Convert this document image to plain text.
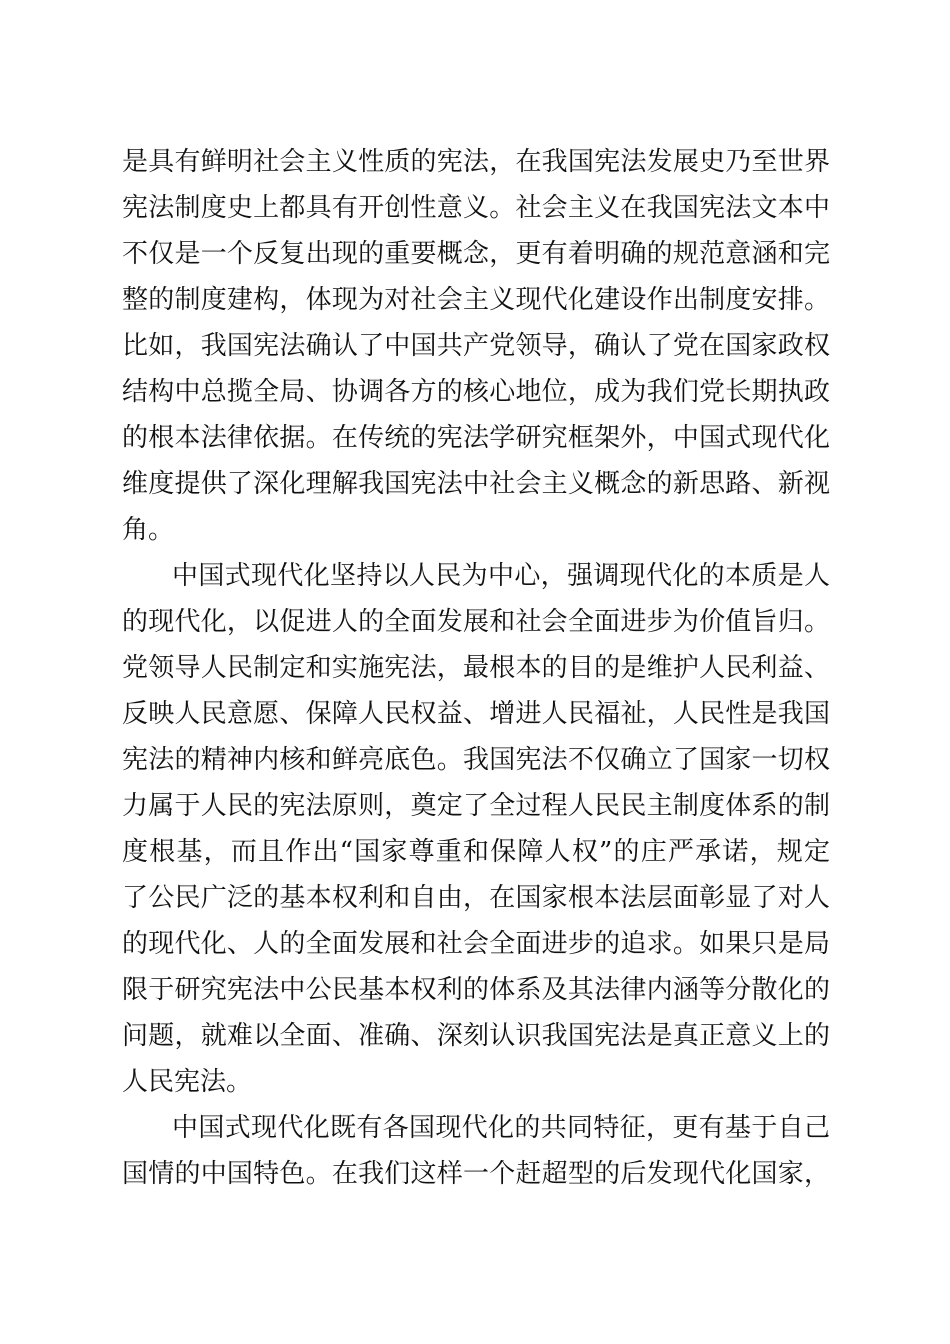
是具有鲜明社会主义性质的宪法，在我国宪法发展史乃至世界
宪法制度史上都具有开创性意义。社会主义在我国宪法文本中
不仅是一个反复出现的重要概念，更有着明确的规范意涵和完
整的制度建构，体现为对社会主义现代化建设作出制度安排。
比如，我国宪法确认了中国共产党领导，确认了党在国家政权
结构中总揽全局、协调各方的核心地位，成为我们党长期执政
的根本法律依据。在传统的宪法学研究框架外，中国式现代化
维度提供了深化理解我国宪法中社会主义概念的新思路、新视
角。
中国式现代化坚持以人民为中心，强调现代化的本质是人
的现代化，以促进人的全面发展和社会全面进步为价值旨归。
党领导人民制定和实施宪法，最根本的目的是维护人民利益、
反映人民意愿、保障人民权益、增进人民福祉，人民性是我国
宪法的精神内核和鲜亮底色。我国宪法不仅确立了国家一切权
力属于人民的宪法原则，奠定了全过程人民民主制度体系的制
度根基，而且作出“国家尊重和保障人权”的庄严承诺，规定
了公民广泛的基本权利和自由，在国家根本法层面彰显了对人
的现代化、人的全面发展和社会全面进步的追求。如果只是局
限于研究宪法中公民基本权利的体系及其法律内涵等分散化的
问题，就难以全面、准确、深刻认识我国宪法是真正意义上的
人民宪法。
中国式现代化既有各国现代化的共同特征，更有基于自己
国情的中国特色。在我们这样一个赶超型的后发现代化国家，
